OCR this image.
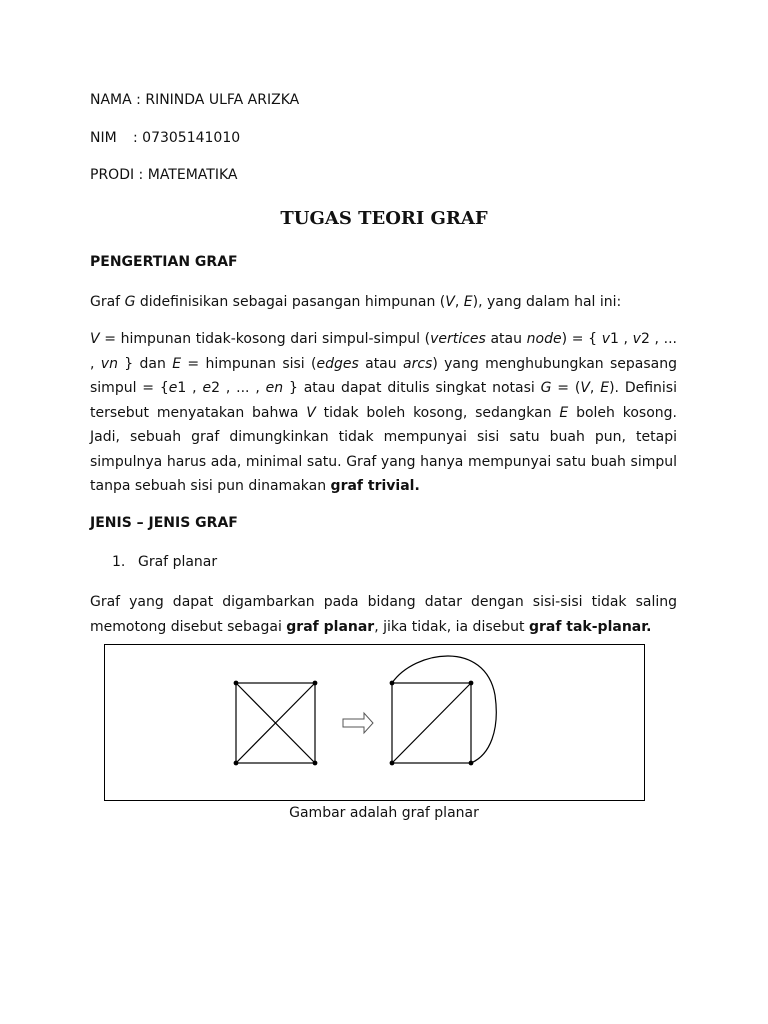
NAMA : RININDA ULFA ARIZKA
NIM : 07305141010
PRODI : MATEMATIKA
TUGAS TEORI GRAF
PENGERTIAN GRAF
Graf G didefinisikan sebagai pasangan himpunan (V, E), yang dalam hal ini:
V = himpunan tidak-kosong dari simpul-simpul (vertices atau node) = { v1 , v2 , ... , vn } dan E = himpunan sisi (edges atau arcs) yang menghubungkan sepasang simpul = {e1 , e2 , ... , en } atau dapat ditulis singkat notasi G = (V, E). Definisi tersebut menyatakan bahwa V tidak boleh kosong, sedangkan E boleh kosong. Jadi, sebuah graf dimungkinkan tidak mempunyai sisi satu buah pun, tetapi simpulnya harus ada, minimal satu. Graf yang hanya mempunyai satu buah simpul tanpa sebuah sisi pun dinamakan graf trivial.
JENIS – JENIS GRAF
1. Graf planar
Graf yang dapat digambarkan pada bidang datar dengan sisi-sisi tidak saling memotong disebut sebagai graf planar, jika tidak, ia disebut graf tak-planar.
Gambar adalah graf planar
